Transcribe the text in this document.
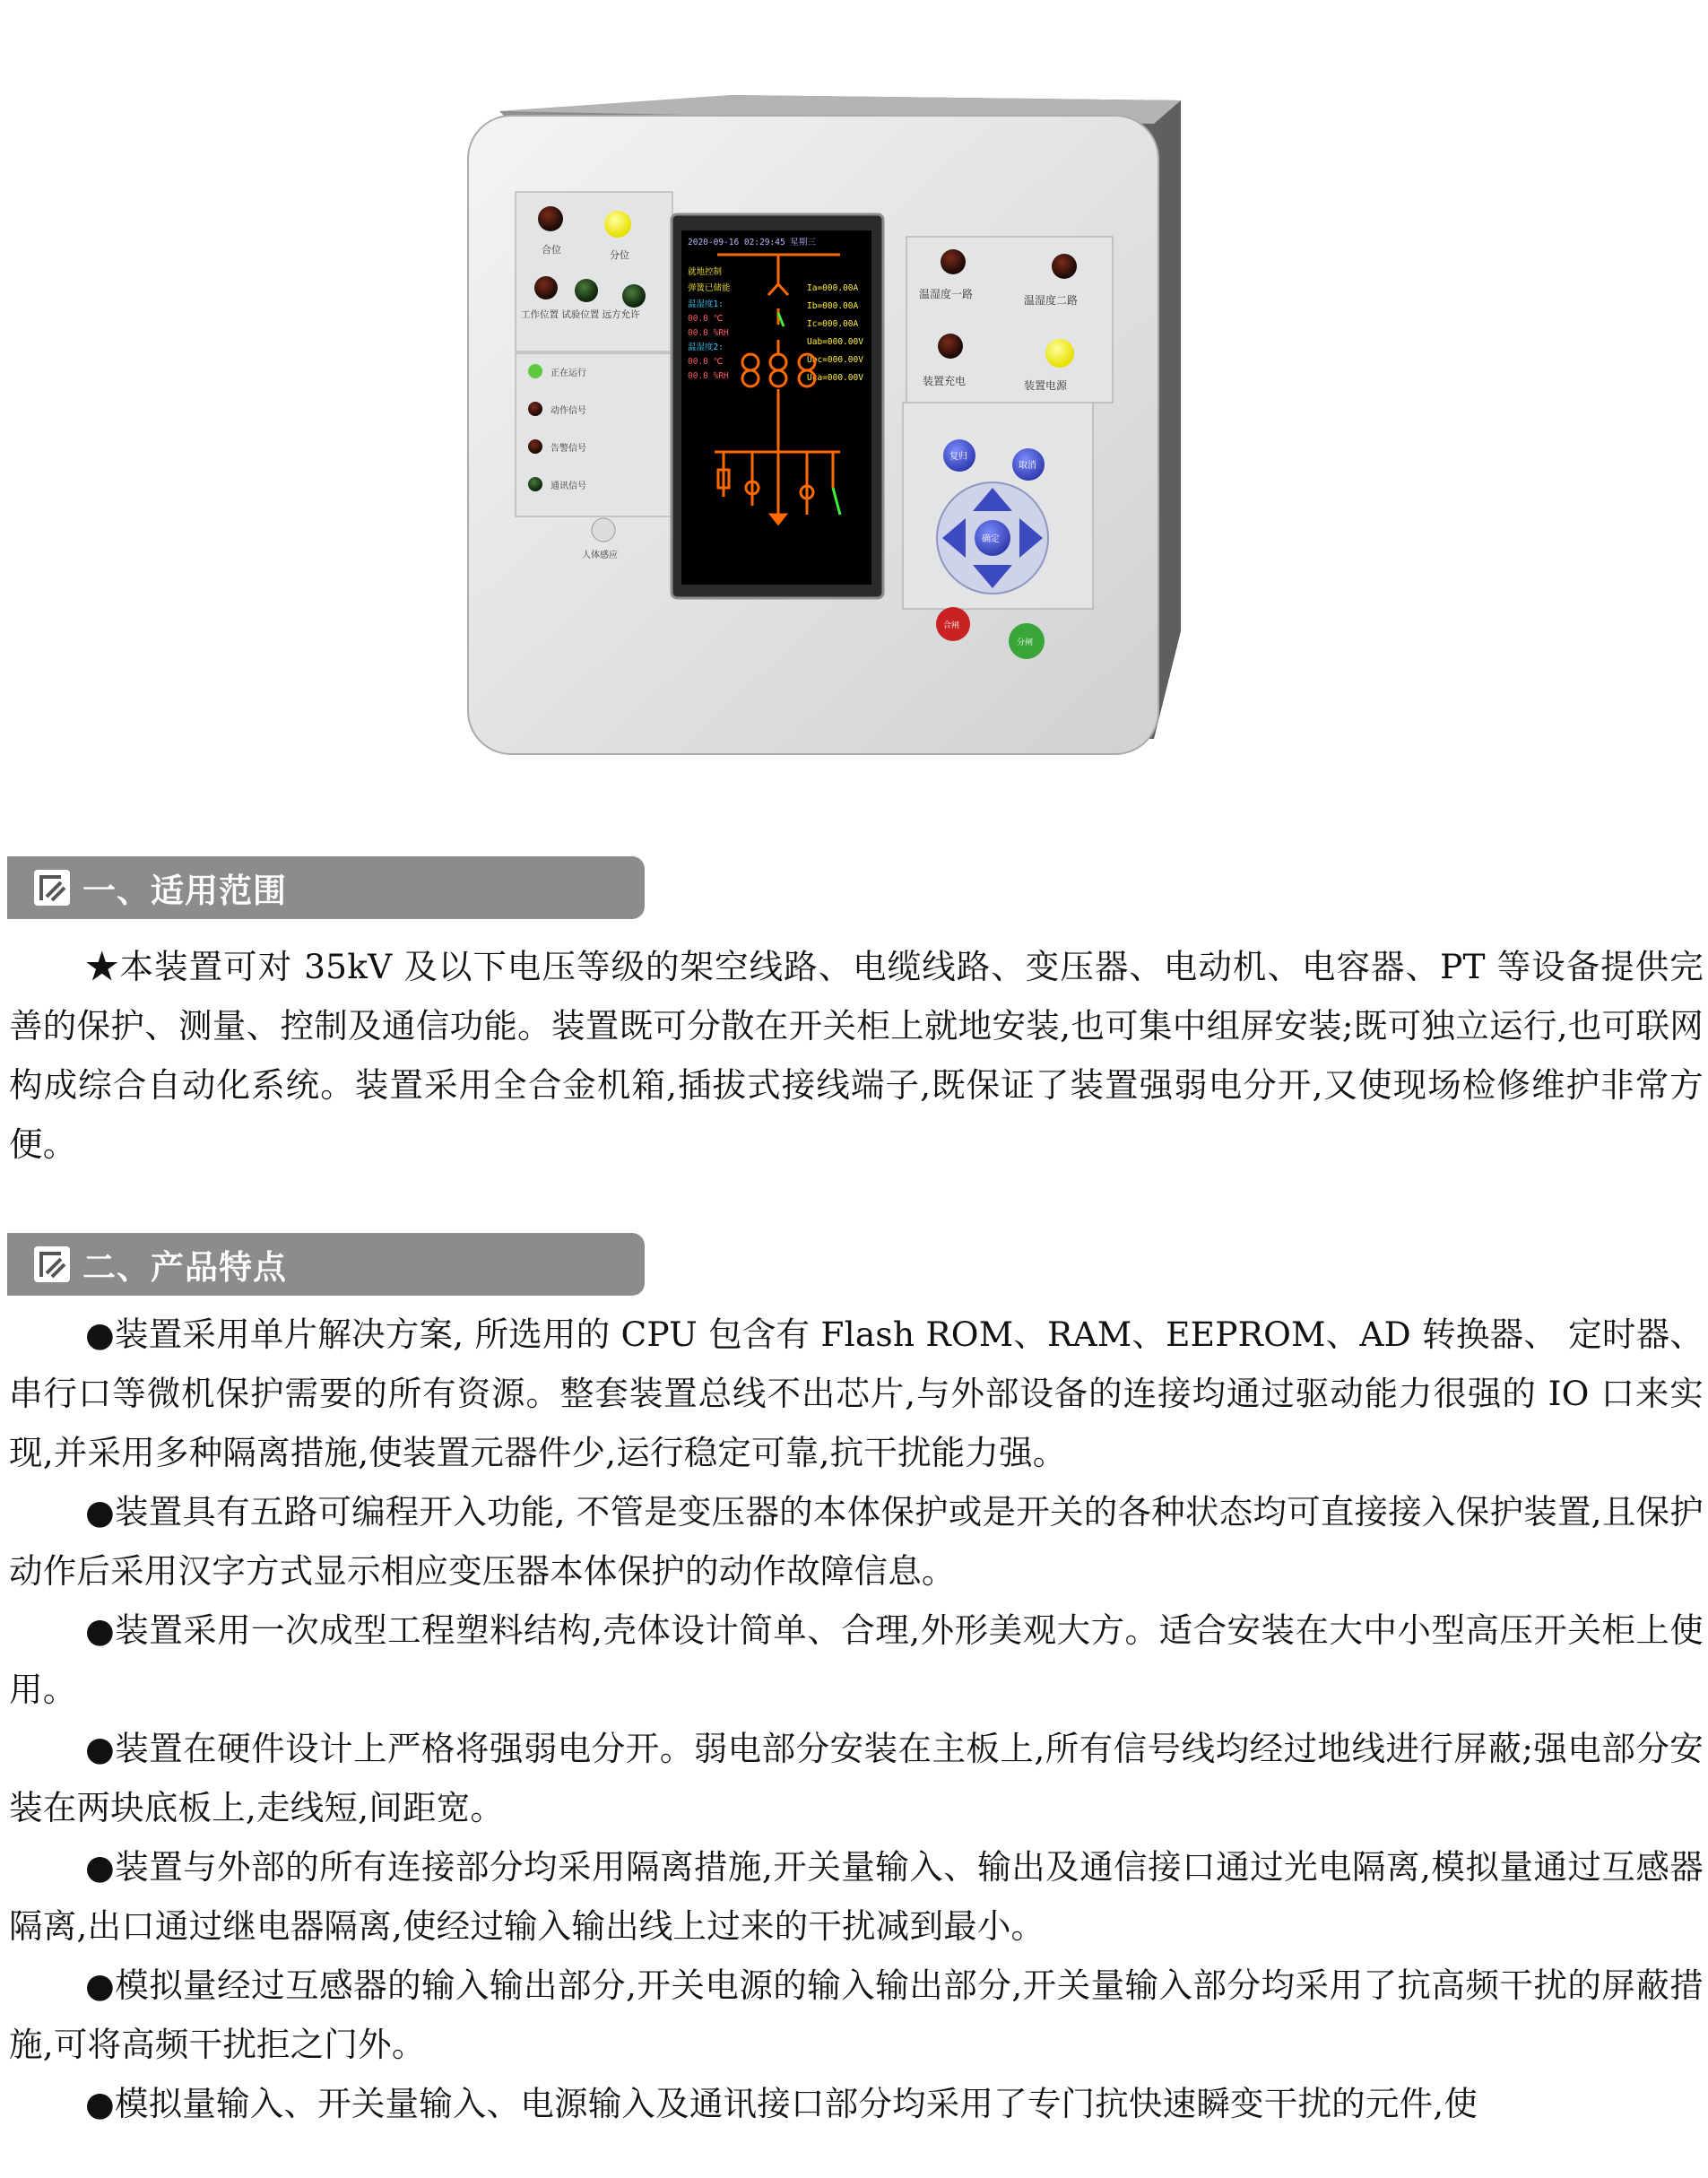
合位	分位
工作位置 试验位置 远方允许
正在运行
动作信号
告警信号
通讯信号
人体感应
2020-09-16 02:29:45 星期三
就地控制
弹簧已储能
温湿度1:
00.0 ℃
00.0 %RH
温湿度2:
00.0 ℃
00.0 %RH
Ia=000.00A
Ib=000.00A
Ic=000.00A
Uab=000.00V
Ubc=000.00V
Uca=000.00V
温湿度一路	温湿度二路
装置充电	装置电源
复归
取消
确定
合闸
分闸
一、适用范围

★本装置可对 35kV 及以下电压等级的架空线路、电缆线路、变压器、电动机、电容器、PT 等设备提供完善的保护、测量、控制及通信功能。装置既可分散在开关柜上就地安装,也可集中组屏安装;既可独立运行,也可联网构成综合自动化系统。装置采用全合金机箱,插拔式接线端子,既保证了装置强弱电分开,又使现场检修维护非常方便。

二、产品特点

●装置采用单片解决方案, 所选用的 CPU 包含有 Flash ROM、RAM、EEPROM、AD 转换器、 定时器、串行口等微机保护需要的所有资源。整套装置总线不出芯片,与外部设备的连接均通过驱动能力很强的 IO 口来实现,并采用多种隔离措施,使装置元器件少,运行稳定可靠,抗干扰能力强。

●装置具有五路可编程开入功能, 不管是变压器的本体保护或是开关的各种状态均可直接接入保护装置,且保护动作后采用汉字方式显示相应变压器本体保护的动作故障信息。

●装置采用一次成型工程塑料结构,壳体设计简单、合理,外形美观大方。适合安装在大中小型高压开关柜上使用。

●装置在硬件设计上严格将强弱电分开。弱电部分安装在主板上,所有信号线均经过地线进行屏蔽;强电部分安装在两块底板上,走线短,间距宽。

●装置与外部的所有连接部分均采用隔离措施,开关量输入、输出及通信接口通过光电隔离,模拟量通过互感器隔离,出口通过继电器隔离,使经过输入输出线上过来的干扰减到最小。

●模拟量经过互感器的输入输出部分,开关电源的输入输出部分,开关量输入部分均采用了抗高频干扰的屏蔽措施,可将高频干扰拒之门外。

●模拟量输入、开关量输入、电源输入及通讯接口部分均采用了专门抗快速瞬变干扰的元件,使
